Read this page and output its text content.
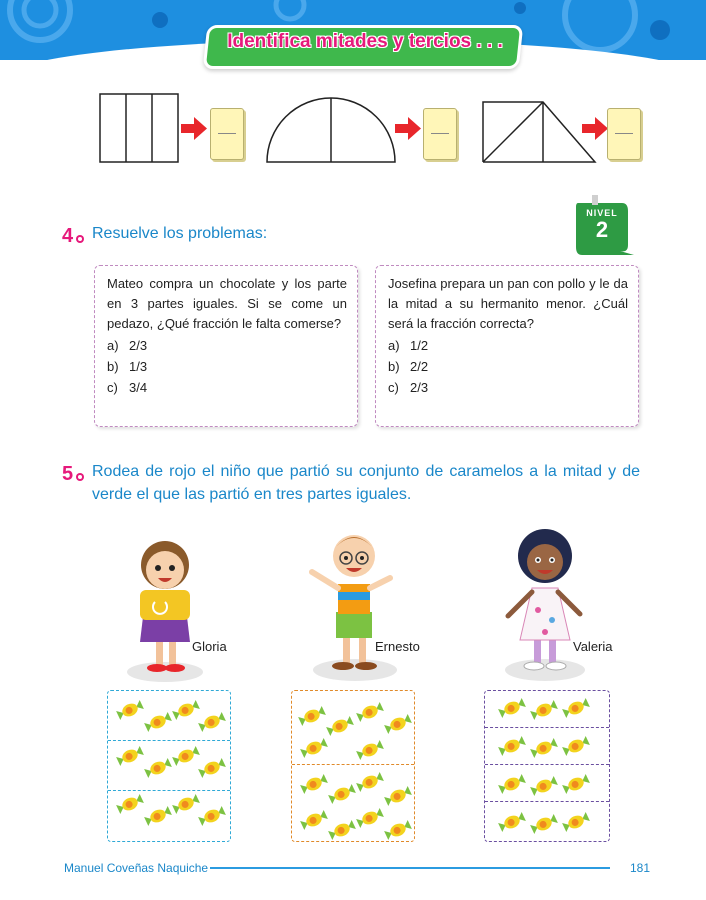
Identifica mitades y tercios . . .
4 Resuelve los problemas:
NIVEL
2
Mateo compra un chocolate y los parte en 3 partes iguales. Si se come un pedazo, ¿Qué fracción le falta comerse?
a) 2/3
b) 1/3
c) 3/4
Josefina prepara un pan con pollo y le da la mitad a su hermanito menor. ¿Cuál será la fracción correcta?
a) 1/2
b) 2/2
c) 2/3
5 Rodea de rojo el niño que partió su conjunto de caramelos a la mitad y de verde el que las partió en tres partes iguales.
Gloria	Ernesto	Valeria
Manuel Coveñas Naquiche	181
